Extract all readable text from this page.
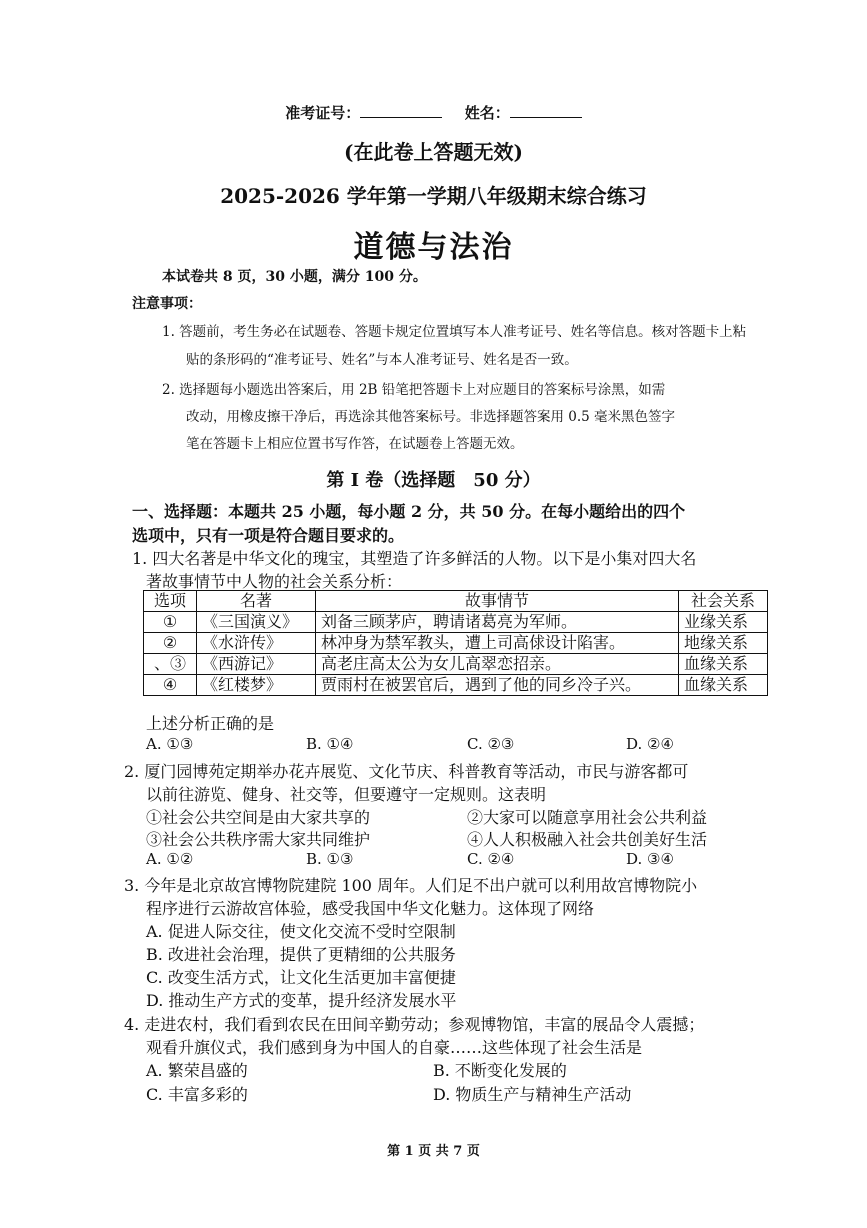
准考证号：	姓名：
(在此卷上答题无效)
2025-2026 学年第一学期八年级期末综合练习
道德与法治
本试卷共 8 页，30 小题，满分 100 分。
注意事项：
1. 答题前，考生务必在试题卷、答题卡规定位置填写本人准考证号、姓名等信息。核对答题卡上粘
贴的条形码的“准考证号、姓名”与本人准考证号、姓名是否一致。
2. 选择题每小题选出答案后，用 2B 铅笔把答题卡上对应题目的答案标号涂黑，如需
改动，用橡皮擦干净后，再选涂其他答案标号。非选择题答案用 0.5 毫米黑色签字
笔在答题卡上相应位置书写作答，在试题卷上答题无效。
第 I 卷（选择题　50 分）
一、选择题：本题共 25 小题，每小题 2 分，共 50 分。在每小题给出的四个
选项中，只有一项是符合题目要求的。
1. 四大名著是中华文化的瑰宝，其塑造了许多鲜活的人物。以下是小集对四大名
著故事情节中人物的社会关系分析：
选项	名著	故事情节	社会关系
①	《三国演义》	刘备三顾茅庐，聘请诸葛亮为军师。	业缘关系
②	《水浒传》	林冲身为禁军教头，遭上司高俅设计陷害。	地缘关系
、③	《西游记》	高老庄高太公为女儿高翠恋招亲。	血缘关系
④	《红楼梦》	贾雨村在被罢官后，遇到了他的同乡冷子兴。	血缘关系
上述分析正确的是
A. ①③	B. ①④	C. ②③	D. ②④
2. 厦门园博苑定期举办花卉展览、文化节庆、科普教育等活动，市民与游客都可
以前往游览、健身、社交等，但要遵守一定规则。这表明
①社会公共空间是由大家共享的	②大家可以随意享用社会公共利益
③社会公共秩序需大家共同维护	④人人积极融入社会共创美好生活
A. ①②	B. ①③	C. ②④	D. ③④
3. 今年是北京故宫博物院建院 100 周年。人们足不出户就可以利用故宫博物院小
程序进行云游故宫体验，感受我国中华文化魅力。这体现了网络
A. 促进人际交往，使文化交流不受时空限制
B. 改进社会治理，提供了更精细的公共服务
C. 改变生活方式，让文化生活更加丰富便捷
D. 推动生产方式的变革，提升经济发展水平
4. 走进农村，我们看到农民在田间辛勤劳动；参观博物馆，丰富的展品令人震撼；
观看升旗仪式，我们感到身为中国人的自豪……这些体现了社会生活是
A. 繁荣昌盛的	B. 不断变化发展的
C. 丰富多彩的	D. 物质生产与精神生产活动
第 1 页 共 7 页
